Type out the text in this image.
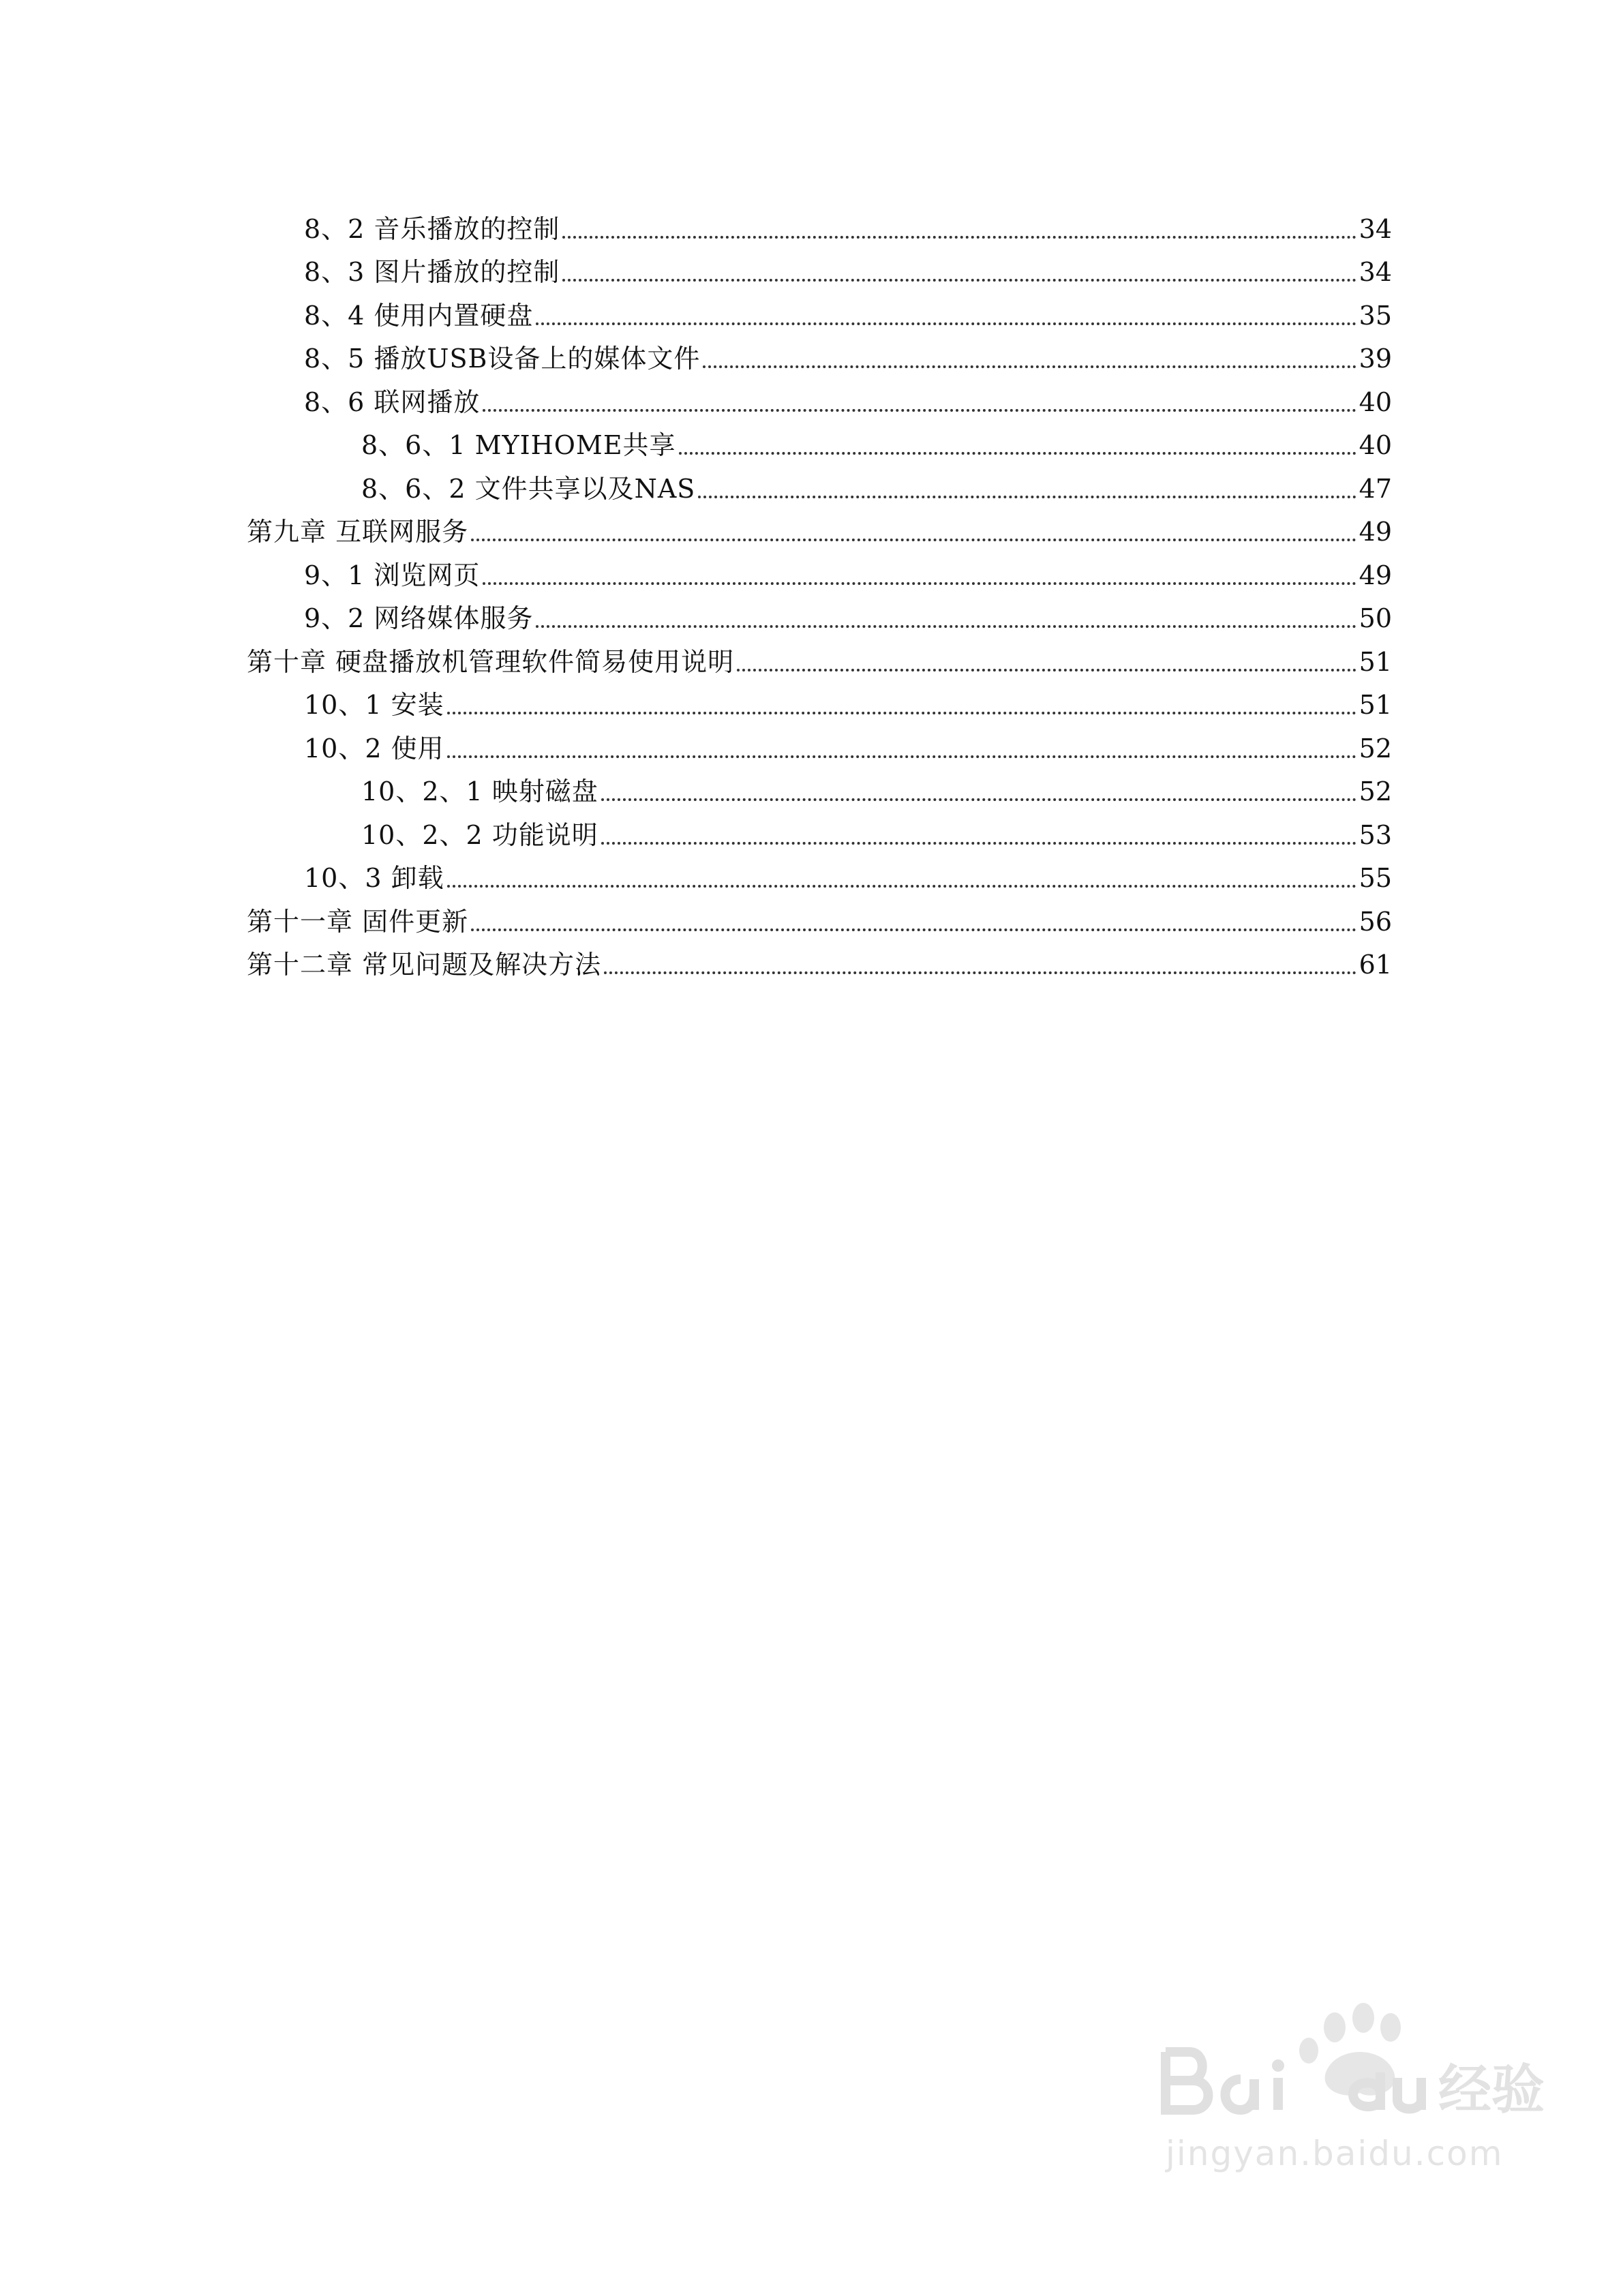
8、2 音乐播放的控制	34
8、3 图片播放的控制	34
8、4 使用内置硬盘	35
8、5 播放USB设备上的媒体文件	39
8、6 联网播放	40
8、6、1 MYIHOME共享	40
8、6、2 文件共享以及NAS	47
第九章 互联网服务	49
9、1 浏览网页	49
9、2 网络媒体服务	50
第十章 硬盘播放机管理软件简易使用说明	51
10、1 安装	51
10、2 使用	52
10、2、1 映射磁盘	52
10、2、2 功能说明	53
10、3 卸载	55
第十一章 固件更新	56
第十二章 常见问题及解决方法	61
经验
jingyan.baidu.com
